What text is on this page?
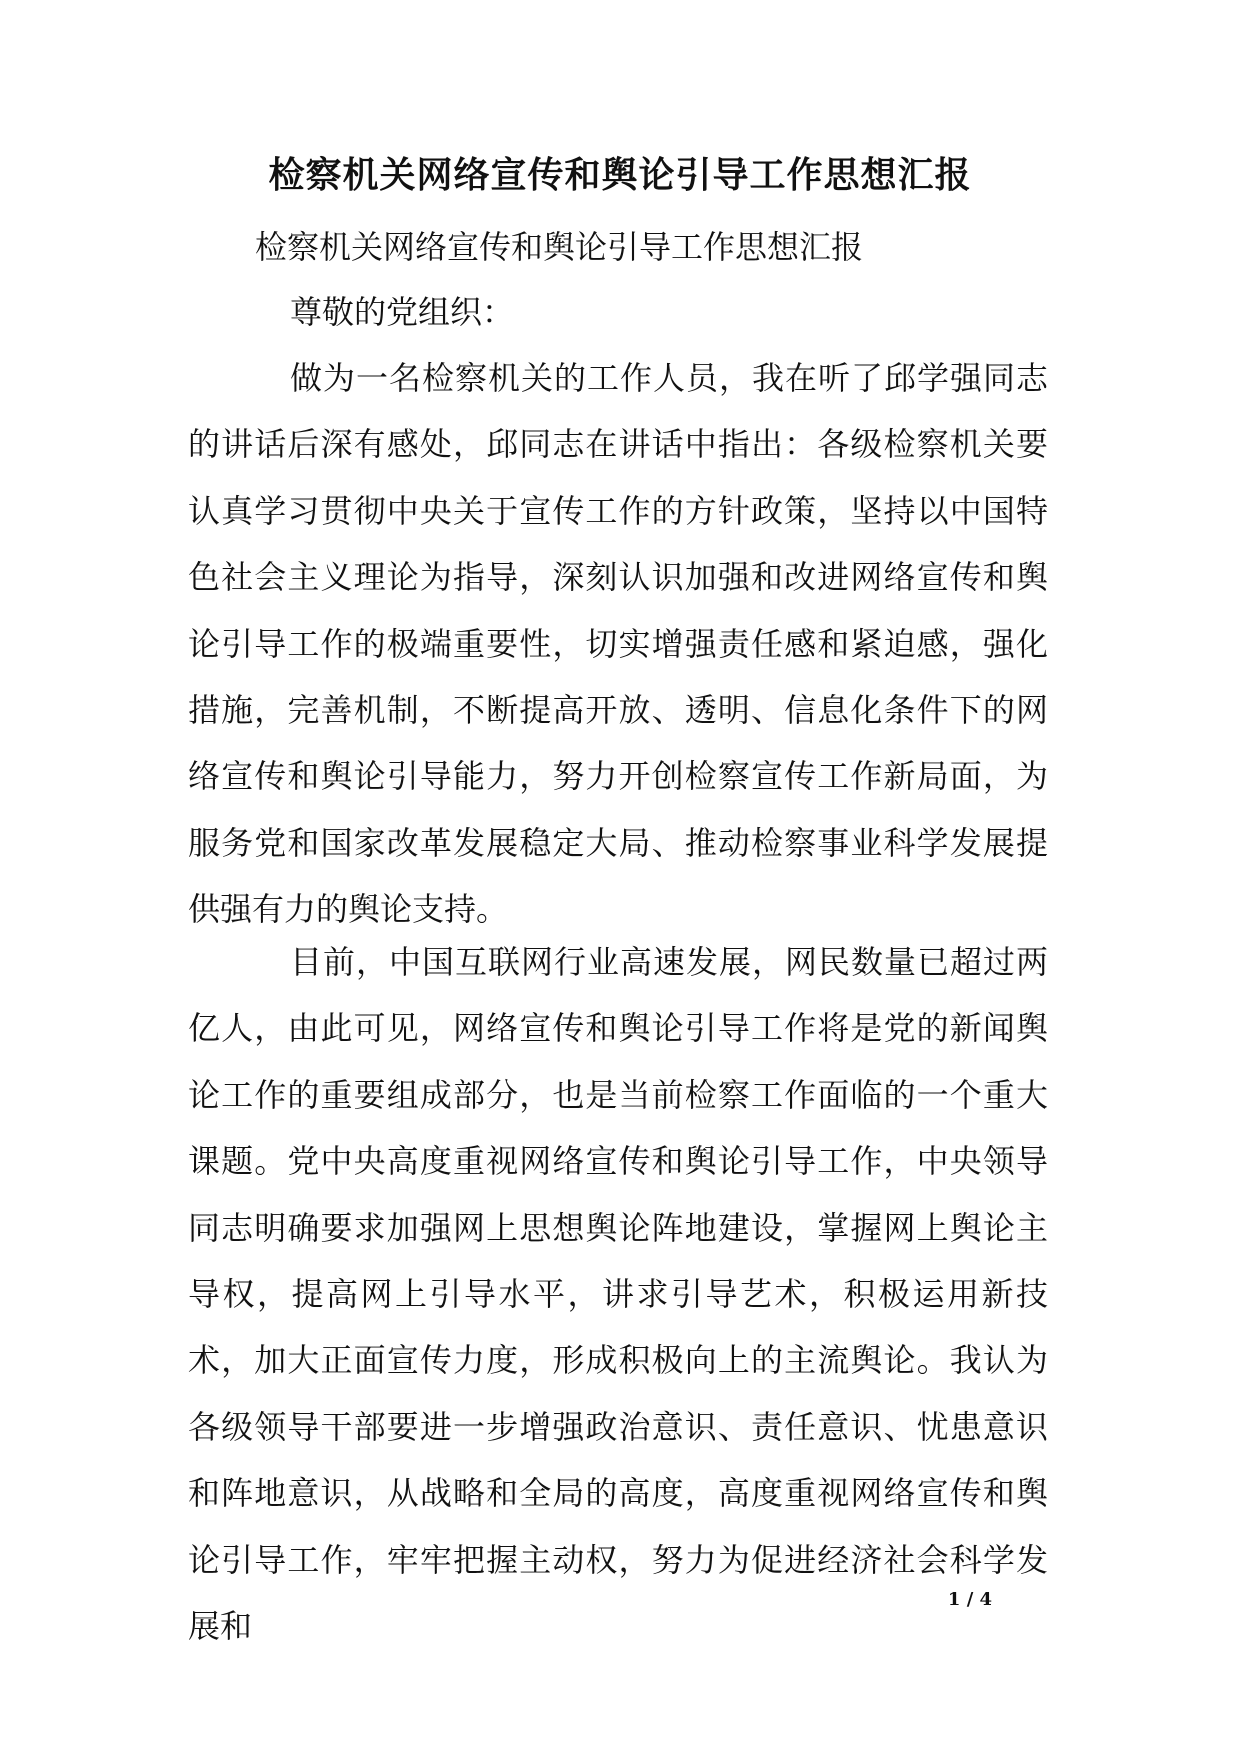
检察机关网络宣传和舆论引导工作思想汇报
检察机关网络宣传和舆论引导工作思想汇报
尊敬的党组织：

做为一名检察机关的工作人员，我在听了邱学强同志的讲话后深有感处，邱同志在讲话中指出：各级检察机关要认真学习贯彻中央关于宣传工作的方针政策，坚持以中国特色社会主义理论为指导，深刻认识加强和改进网络宣传和舆论引导工作的极端重要性，切实增强责任感和紧迫感，强化措施，完善机制，不断提高开放、透明、信息化条件下的网络宣传和舆论引导能力，努力开创检察宣传工作新局面，为服务党和国家改革发展稳定大局、推动检察事业科学发展提供强有力的舆论支持。

目前，中国互联网行业高速发展，网民数量已超过两亿人，由此可见，网络宣传和舆论引导工作将是党的新闻舆论工作的重要组成部分，也是当前检察工作面临的一个重大课题。党中央高度重视网络宣传和舆论引导工作，中央领导同志明确要求加强网上思想舆论阵地建设，掌握网上舆论主导权，提高网上引导水平，讲求引导艺术，积极运用新技术，加大正面宣传力度，形成积极向上的主流舆论。我认为各级领导干部要进一步增强政治意识、责任意识、忧患意识和阵地意识，从战略和全局的高度，高度重视网络宣传和舆论引导工作，牢牢把握主动权，努力为促进经济社会科学发展和

1 / 4
